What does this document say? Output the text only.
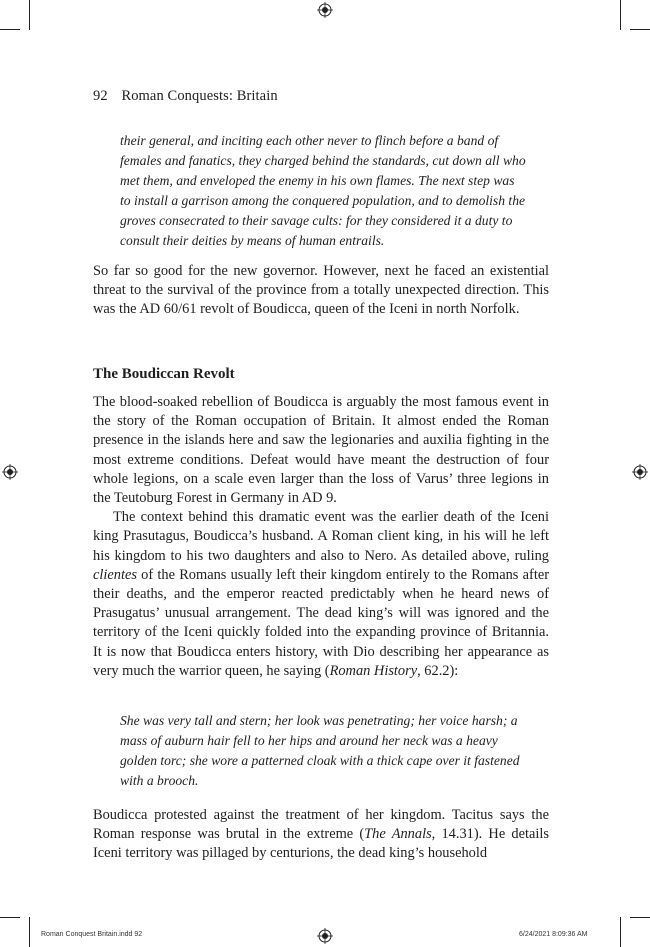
92 Roman Conquests: Britain

their general, and inciting each other never to flinch before a band of females and fanatics, they charged behind the standards, cut down all who met them, and enveloped the enemy in his own flames. The next step was to install a garrison among the conquered population, and to demolish the groves consecrated to their savage cults: for they considered it a duty to consult their deities by means of human entrails.

So far so good for the new governor. However, next he faced an existential threat to the survival of the province from a totally unexpected direction. This was the AD 60/61 revolt of Boudicca, queen of the Iceni in north Norfolk.

The Boudiccan Revolt

The blood-soaked rebellion of Boudicca is arguably the most famous event in the story of the Roman occupation of Britain. It almost ended the Roman presence in the islands here and saw the legionaries and auxilia fighting in the most extreme conditions. Defeat would have meant the destruction of four whole legions, on a scale even larger than the loss of Varus’ three legions in the Teutoburg Forest in Germany in AD 9.

The context behind this dramatic event was the earlier death of the Iceni king Prasutagus, Boudicca’s husband. A Roman client king, in his will he left his kingdom to his two daughters and also to Nero. As detailed above, ruling clientes of the Romans usually left their kingdom entirely to the Romans after their deaths, and the emperor reacted predictably when he heard news of Prasugatus’ unusual arrangement. The dead king’s will was ignored and the territory of the Iceni quickly folded into the expanding province of Britannia. It is now that Boudicca enters history, with Dio describing her appearance as very much the warrior queen, he saying (Roman History, 62.2):

She was very tall and stern; her look was penetrating; her voice harsh; a mass of auburn hair fell to her hips and around her neck was a heavy golden torc; she wore a patterned cloak with a thick cape over it fastened with a brooch.

Boudicca protested against the treatment of her kingdom. Tacitus says the Roman response was brutal in the extreme (The Annals, 14.31). He details Iceni territory was pillaged by centurions, the dead king’s household

Roman Conquest Britain.indd 92	6/24/2021 8:09:36 AM
